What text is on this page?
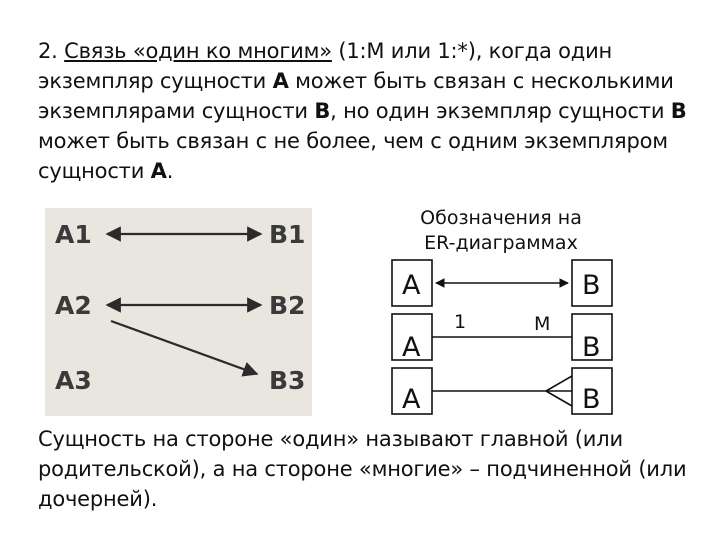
2. Связь «один ко многим» (1:M или 1:*), когда один экземпляр сущности A может быть связан с несколькими экземплярами сущности B, но один экземпляр сущности B может быть связан с не более, чем с одним экземпляром сущности A.
A1
A2
A3
B1
B2
B3
Обозначения на
ER-диаграммах
A	B
A	B
A	B
1	M
Сущность на стороне «один» называют главной (или родительской), а на стороне «многие» – подчиненной (или дочерней).
